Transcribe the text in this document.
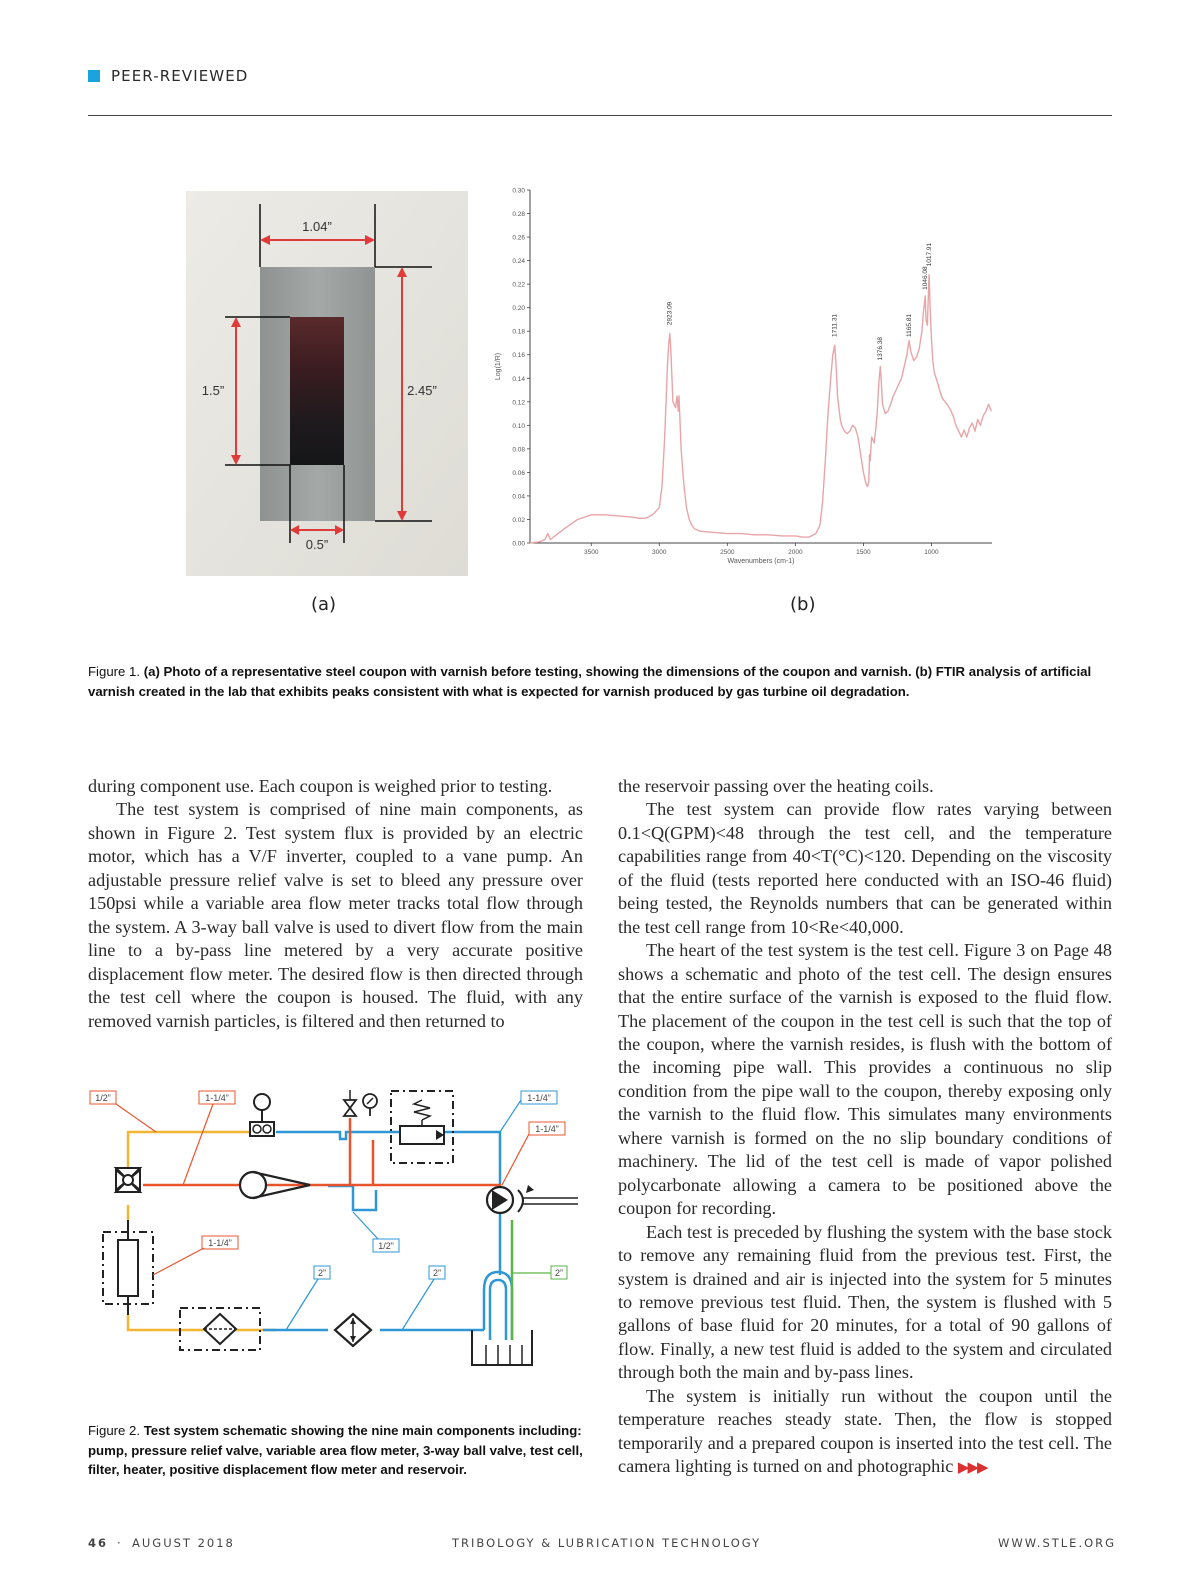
PEER-REVIEWED
1.04”
2.45”
1.5”
0.5”
Log(1/R)
Wavenumbers (cm-1)
0.00
0.02
0.04
0.06
0.08
0.10
0.12
0.14
0.16
0.18
0.20
0.22
0.24
0.26
0.28
0.30
3500	3000	2500	2000	1500	1000
2923.09
1711.31
1376.38
1165.81
1046.08
1017.91
(a)	(b)
Figure 1. (a) Photo of a representative steel coupon with varnish before testing, showing the dimensions of the coupon and varnish. (b) FTIR analysis of artificial varnish created in the lab that exhibits peaks consistent with what is expected for varnish produced by gas turbine oil degradation.

during component use. Each coupon is weighed prior to testing.

The test system is comprised of nine main components, as shown in Figure 2. Test system flux is provided by an electric motor, which has a V/F inverter, coupled to a vane pump. An adjustable pressure relief valve is set to bleed any pressure over 150psi while a variable area flow meter tracks total flow through the system. A 3-way ball valve is used to divert flow from the main line to a by-pass line metered by a very accurate positive displacement flow meter. The desired flow is then directed through the test cell where the coupon is housed. The fluid, with any removed varnish particles, is filtered and then returned to

the reservoir passing over the heating coils.

The test system can provide flow rates varying between 0.1<Q(GPM)<48 through the test cell, and the temperature capabilities range from 40<T(°C)<120. Depending on the viscosity of the fluid (tests reported here conducted with an ISO-46 fluid) being tested, the Reynolds numbers that can be generated within the test cell range from 10<Re<40,000.

The heart of the test system is the test cell. Figure 3 on Page 48 shows a schematic and photo of the test cell. The design ensures that the entire surface of the varnish is exposed to the fluid flow. The placement of the coupon in the test cell is such that the top of the coupon, where the varnish resides, is flush with the bottom of the incoming pipe wall. This provides a continuous no slip condition from the pipe wall to the coupon, thereby exposing only the varnish to the fluid flow. This simulates many environments where varnish is formed on the no slip boundary conditions of machinery. The lid of the test cell is made of vapor polished polycarbonate allowing a camera to be positioned above the coupon for recording.

Each test is preceded by flushing the system with the base stock to remove any remaining fluid from the previous test. First, the system is drained and air is injected into the system for 5 minutes to remove previous test fluid. Then, the system is flushed with 5 gallons of base fluid for 20 minutes, for a total of 90 gallons of flow. Finally, a new test fluid is added to the system and circulated through both the main and by-pass lines.

The system is initially run without the coupon until the temperature reaches steady state. Then, the flow is stopped temporarily and a prepared coupon is inserted into the test cell. The camera lighting is turned on and photographic ▶▶▶

1/2”	1-1/4”	1-1/4”
1-1/4”
1-1/4”	1/2”
2”	2”	2”
Figure 2. Test system schematic showing the nine main components including: pump, pressure relief valve, variable area flow meter, 3-way ball valve, test cell, filter, heater, positive displacement flow meter and reservoir.
46 · AUGUST 2018	TRIBOLOGY & LUBRICATION TECHNOLOGY	WWW.STLE.ORG
